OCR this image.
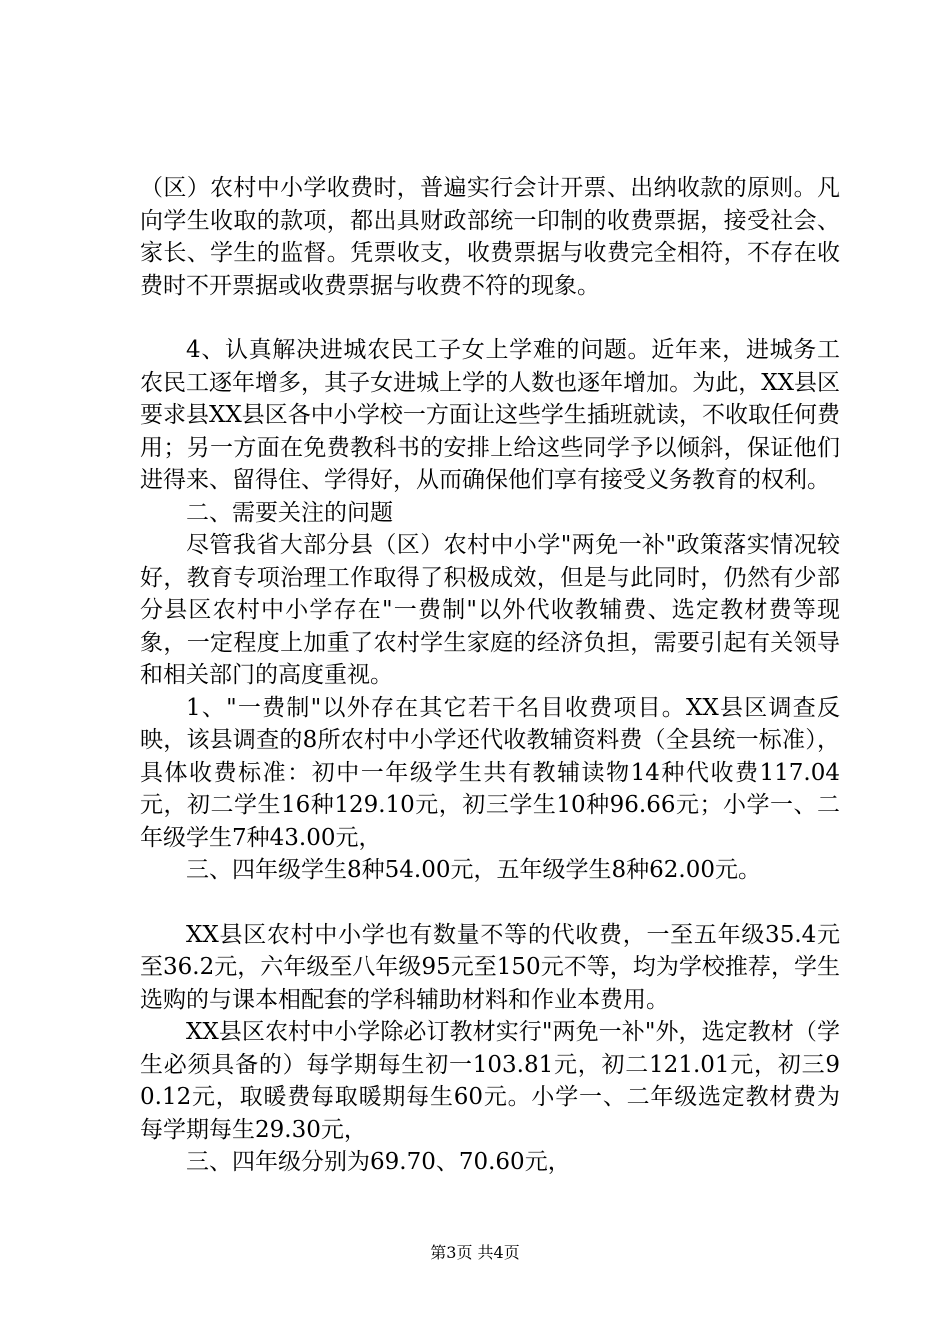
（区）农村中小学收费时，普遍实行会计开票、出纳收款的原则。凡向学生收取的款项，都出具财政部统一印制的收费票据，接受社会、家长、学生的监督。凭票收支，收费票据与收费完全相符，不存在收费时不开票据或收费票据与收费不符的现象。

4、认真解决进城农民工子女上学难的问题。近年来，进城务工农民工逐年增多，其子女进城上学的人数也逐年增加。为此，XX县区要求县XX县区各中小学校一方面让这些学生插班就读，不收取任何费用；另一方面在免费教科书的安排上给这些同学予以倾斜，保证他们进得来、留得住、学得好，从而确保他们享有接受义务教育的权利。

二、需要关注的问题

尽管我省大部分县（区）农村中小学"两免一补"政策落实情况较好，教育专项治理工作取得了积极成效，但是与此同时，仍然有少部分县区农村中小学存在"一费制"以外代收教辅费、选定教材费等现象，一定程度上加重了农村学生家庭的经济负担，需要引起有关领导和相关部门的高度重视。

1、"一费制"以外存在其它若干名目收费项目。XX县区调查反映，该县调查的8所农村中小学还代收教辅资料费（全县统一标准），具体收费标准：初中一年级学生共有教辅读物14种代收费117.04元，初二学生16种129.10元，初三学生10种96.66元；小学一、二年级学生7种43.00元，

三、四年级学生8种54.00元，五年级学生8种62.00元。

XX县区农村中小学也有数量不等的代收费，一至五年级35.4元至36.2元，六年级至八年级95元至150元不等，均为学校推荐，学生选购的与课本相配套的学科辅助材料和作业本费用。

XX县区农村中小学除必订教材实行"两免一补"外，选定教材（学生必须具备的）每学期每生初一103.81元，初二121.01元，初三90.12元，取暖费每取暖期每生60元。小学一、二年级选定教材费为每学期每生29.30元，

三、四年级分别为69.70、70.60元，

第3页 共4页
